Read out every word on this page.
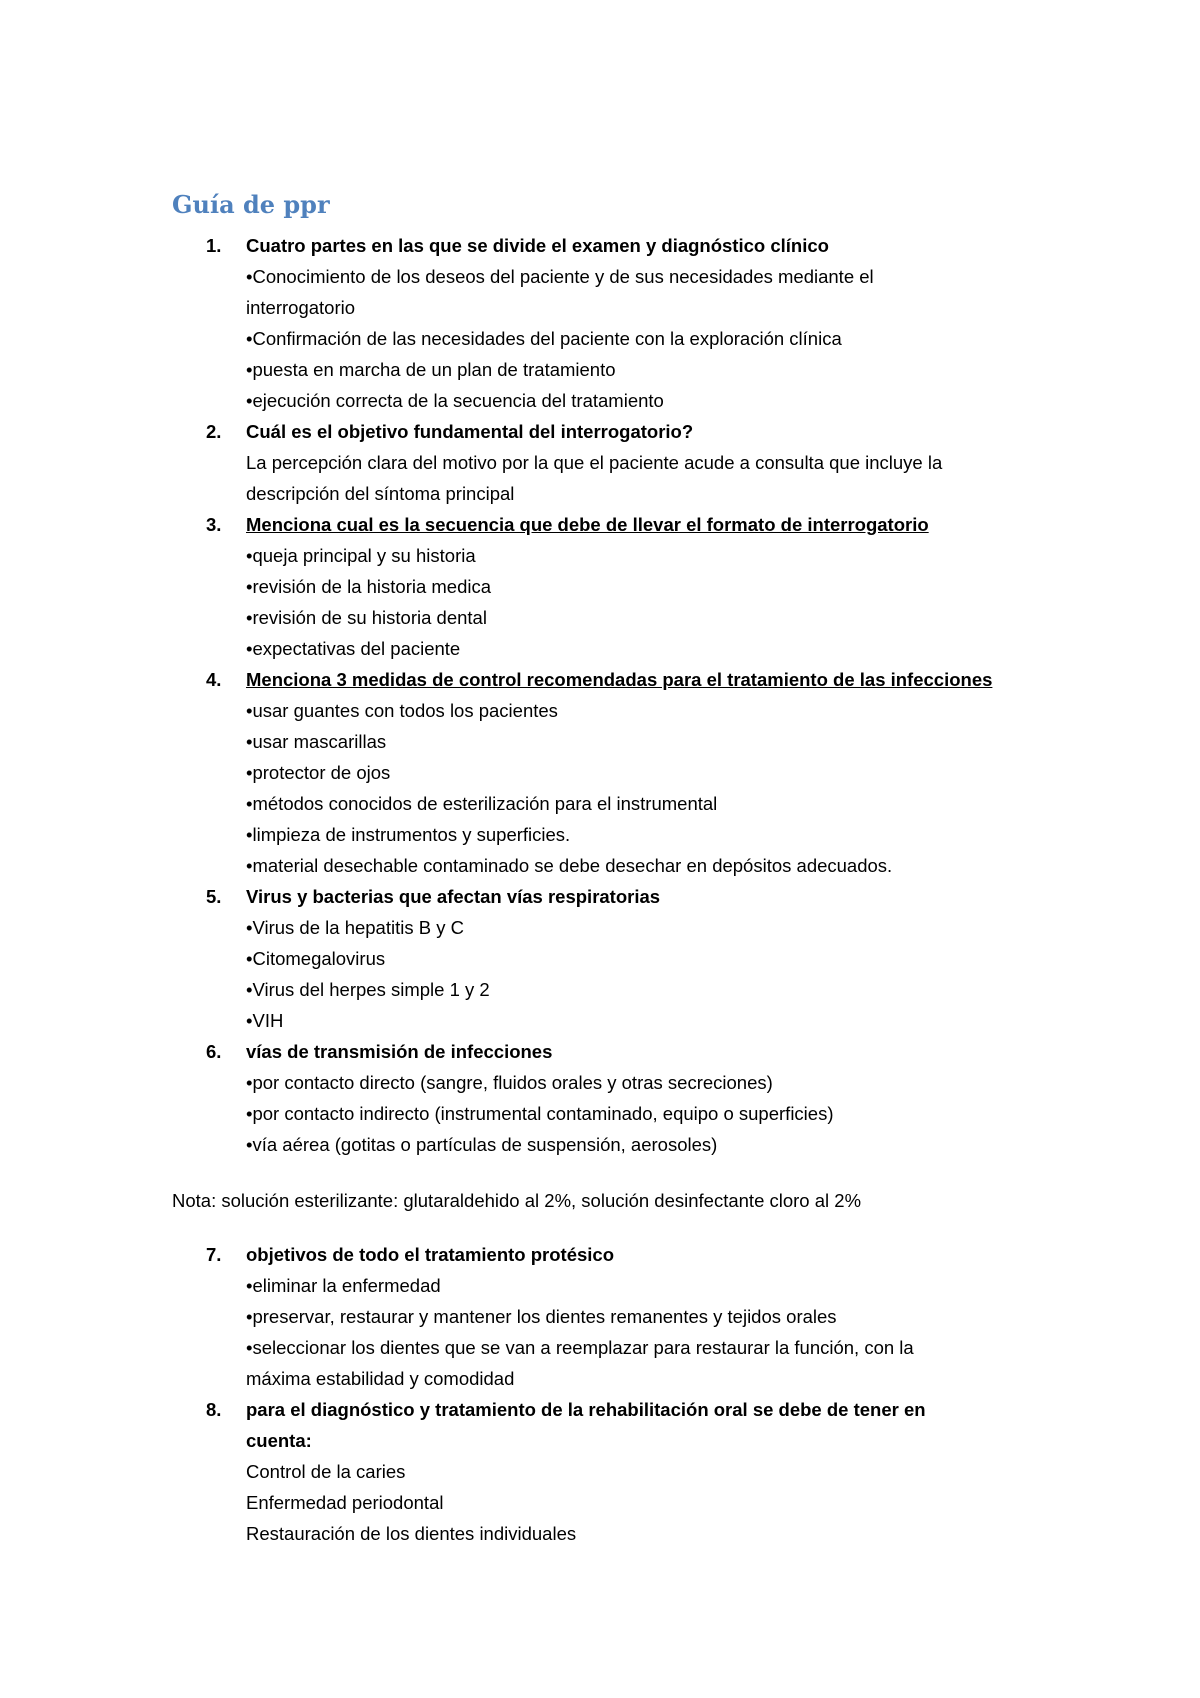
Guía de ppr
1. Cuatro partes en las que se divide el examen y diagnóstico clínico
•Conocimiento de los deseos del paciente y de sus necesidades mediante el
interrogatorio
•Confirmación de las necesidades del paciente con la exploración clínica
•puesta en marcha de un plan de tratamiento
•ejecución correcta de la secuencia del tratamiento
2. Cuál es el objetivo fundamental del interrogatorio?
La percepción clara del motivo por la que el paciente acude a consulta que incluye la
descripción del síntoma principal
3. Menciona cual es la secuencia que debe de llevar el formato de interrogatorio
•queja principal y su historia
•revisión de la historia medica
•revisión de su historia dental
•expectativas del paciente
4. Menciona 3 medidas de control recomendadas para el tratamiento de las infecciones
•usar guantes con todos los pacientes
•usar mascarillas
•protector de ojos
•métodos conocidos de esterilización para el instrumental
•limpieza de instrumentos y superficies.
•material desechable contaminado se debe desechar en depósitos adecuados.
5. Virus y bacterias que afectan vías respiratorias
•Virus de la hepatitis B y C
•Citomegalovirus
•Virus del herpes simple 1 y 2
•VIH
6. vías de transmisión de infecciones
•por contacto directo (sangre, fluidos orales y otras secreciones)
•por contacto indirecto (instrumental contaminado, equipo o superficies)
•vía aérea (gotitas o partículas de suspensión, aerosoles)
Nota: solución esterilizante: glutaraldehido al 2%, solución desinfectante cloro al 2%
7. objetivos de todo el tratamiento protésico
•eliminar la enfermedad
•preservar, restaurar y mantener los dientes remanentes y tejidos orales
•seleccionar los dientes que se van a reemplazar para restaurar la función, con la
máxima estabilidad y comodidad
8. para el diagnóstico y tratamiento de la rehabilitación oral se debe de tener en
cuenta:
Control de la caries
Enfermedad periodontal
Restauración de los dientes individuales
